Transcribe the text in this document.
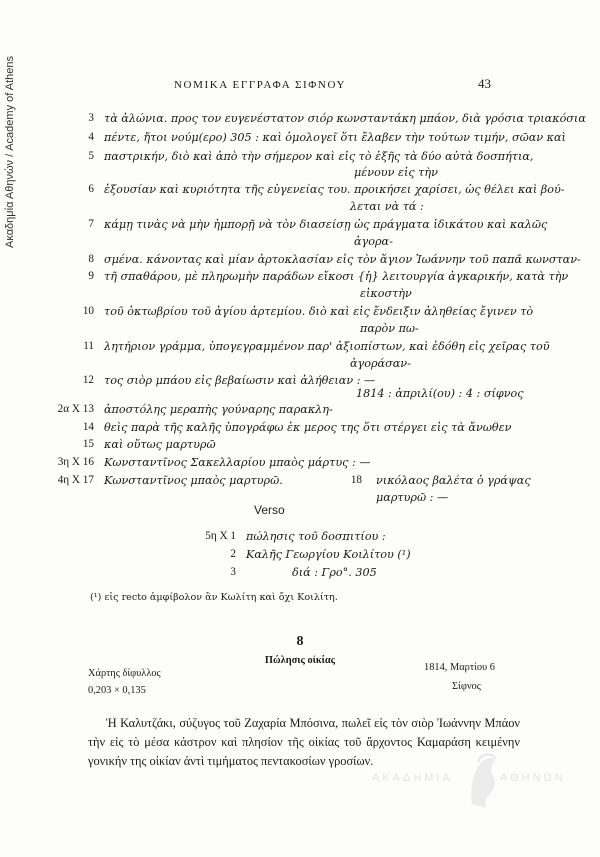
Ακαδημία Αθηνών / Academy of Athens	ΝΟΜΙΚΑ ΕΓΓΡΑΦΑ ΣΙΦΝΟΥ	43
3 τὰ ἁλώνια. προς τον ευγενέστατον σιόρ κωνσταντάκη μπάον, διὰ γρόσια τριακόσια
4 πέντε, ἤτοι νούμ(ερο) 305 : καὶ ὁμολογεῖ ὅτι ἔλαβεν τὴν τούτων τιμήν, σῶαν καὶ
5 παστρικήν, διὸ καὶ ἀπὸ τὴν σήμερον καὶ εἰς τὸ ἑξῆς τὰ δύο αὐτὰ δοσπήτια,
μένουν εἰς τὴν
6 ἐξουσίαν καὶ κυριότητα τῆς εὐγενείας του. προικήσει χαρίσει, ὡς θέλει καὶ βού-
λεται νὰ τά :
7 κάμῃ τινὰς νὰ μὴν ἠμπορῇ νὰ τὸν διασείσῃ ὡς πράγματα ἰδικάτου καὶ καλῶς
ἀγορα-
8 σμένα. κάνοντας καὶ μίαν ἀρτοκλασίαν εἰς τὸν ἅγιον Ἰωάννην τοῦ παπᾶ κωνσταν-
9 τῆ σπαθάρου, μὲ πληρωμὴν παράδων εἴκοσι {ἡ} λειτουργία ἀγκαρικήν, κατὰ τὴν
εἰκοστὴν
10 τοῦ ὀκτωβρίου τοῦ ἁγίου ἀρτεμίου. διὸ καὶ εἰς ἔνδειξιν ἀληθείας ἔγινεν τὸ
παρὸν πω-
11 λητήριον γράμμα, ὑπογεγραμμένον παρ' ἀξιοπίστων, καὶ ἐδόθη εἰς χεῖρας τοῦ
ἀγοράσαν-
12 τος σιὸρ μπάου εἰς βεβαίωσιν καὶ ἀλήθειαν : —
1814 : ἀπριλί(ου) : 4 : σίφνος
2α X 13 ἀποστόλης μεραπὴς γούναρης παρακλη-
14 θεὶς παρὰ τῆς καλῆς ὑπογράφω ἐκ μερος της ὅτι στέργει εἰς τὰ ἄνωθεν
15 καὶ οὕτως μαρτυρῶ
3η X 16 Κωνσταντῖνος Σακελλαρίου μπαὸς μάρτυς : —
4η X 17 Κωνσταντῖνος μπαὸς μαρτυρῶ.	18 νικόλαος βαλέτα ὁ γράψας
μαρτυρῶ : —
Verso
5η X 1 πώλησις τοῦ δοσπιτίου :
2 Καλῆς Γεωργίου Κοιλίτου (¹)
3	διά : Γρο°. 305
(¹) εἰς recto ἀμφίβολον ἂν Κωλίτη καὶ ὄχι Κοιλίτη.
8
Πώλησις οἰκίας
Χάρτης δίφυλλος
0,203 × 0,135
1814, Μαρτίου 6
Σίφνος
Ἡ Καλυτζάκι, σύζυγος τοῦ Ζαχαρία Μπόσινα, πωλεῖ εἰς τὸν σιὸρ Ἰωάννην Μπάον τὴν εἰς τὸ μέσα κάστρον καὶ πλησίον τῆς οἰκίας τοῦ ἄρχοντος Καμαράση κειμένην γονικήν της οἰκίαν ἀντὶ τιμήματος πεντακοσίων γροσίων.
ΑΚΑΔΗΜΙΑ	ΑΘΗΝΩΝ
